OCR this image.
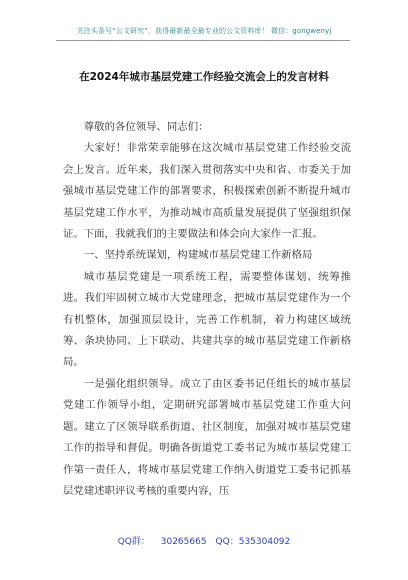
关注头条号“公文研究”，获得最新最全最专业的公文资料库！ 微信：gongwenyj
在2024年城市基层党建工作经验交流会上的发言材料

尊敬的各位领导、同志们：

大家好！非常荣幸能够在这次城市基层党建工作经验交流会上发言。近年来，我们深入贯彻落实中央和省、市委关于加强城市基层党建工作的部署要求，积极探索创新不断提升城市基层党建工作水平，为推动城市高质量发展提供了坚强组织保证。下面，我就我们的主要做法和体会向大家作一汇报。

一、坚持系统谋划，构建城市基层党建工作新格局

城市基层党建是一项系统工程，需要整体谋划、统筹推进。我们牢固树立城市大党建理念，把城市基层党建作为一个有机整体，加强顶层设计，完善工作机制，着力构建区域统筹、条块协同、上下联动、共建共享的城市基层党建工作新格局。

一是强化组织领导。成立了由区委书记任组长的城市基层党建工作领导小组，定期研究部署城市基层党建工作重大问题。建立了区领导联系街道、社区制度，加强对城市基层党建工作的指导和督促。明确各街道党工委书记为城市基层党建工作第一责任人，将城市基层党建工作纳入街道党工委书记抓基层党建述职评议考核的重要内容，压

QQ群： 30265665　QQ：535304092
